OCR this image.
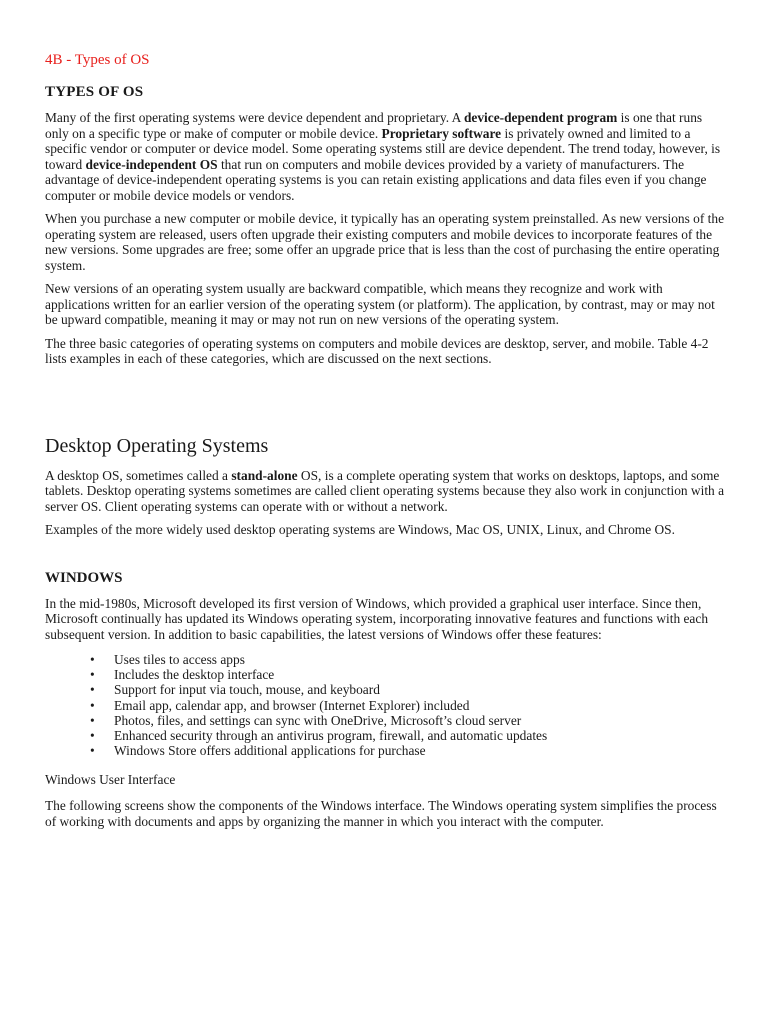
4B - Types of OS
TYPES OF OS

Many of the first operating systems were device dependent and proprietary. A device-dependent program is one that runs only on a specific type or make of computer or mobile device. Proprietary software is privately owned and limited to a specific vendor or computer or device model. Some operating systems still are device dependent. The trend today, however, is toward device-independent OS that run on computers and mobile devices provided by a variety of manufacturers. The advantage of device-independent operating systems is you can retain existing applications and data files even if you change computer or mobile device models or vendors.

When you purchase a new computer or mobile device, it typically has an operating system preinstalled. As new versions of the operating system are released, users often upgrade their existing computers and mobile devices to incorporate features of the new versions. Some upgrades are free; some offer an upgrade price that is less than the cost of purchasing the entire operating system.

New versions of an operating system usually are backward compatible, which means they recognize and work with applications written for an earlier version of the operating system (or platform). The application, by contrast, may or may not be upward compatible, meaning it may or may not run on new versions of the operating system.

The three basic categories of operating systems on computers and mobile devices are desktop, server, and mobile. Table 4-2 lists examples in each of these categories, which are discussed on the next sections.

Desktop Operating Systems

A desktop OS, sometimes called a stand-alone OS, is a complete operating system that works on desktops, laptops, and some tablets. Desktop operating systems sometimes are called client operating systems because they also work in conjunction with a server OS. Client operating systems can operate with or without a network.

Examples of the more widely used desktop operating systems are Windows, Mac OS, UNIX, Linux, and Chrome OS.

WINDOWS

In the mid-1980s, Microsoft developed its first version of Windows, which provided a graphical user interface. Since then, Microsoft continually has updated its Windows operating system, incorporating innovative features and functions with each subsequent version. In addition to basic capabilities, the latest versions of Windows offer these features:

• Uses tiles to access apps
• Includes the desktop interface
• Support for input via touch, mouse, and keyboard
• Email app, calendar app, and browser (Internet Explorer) included
• Photos, files, and settings can sync with OneDrive, Microsoft’s cloud server
• Enhanced security through an antivirus program, firewall, and automatic updates
• Windows Store offers additional applications for purchase

Windows User Interface

The following screens show the components of the Windows interface. The Windows operating system simplifies the process of working with documents and apps by organizing the manner in which you interact with the computer.
